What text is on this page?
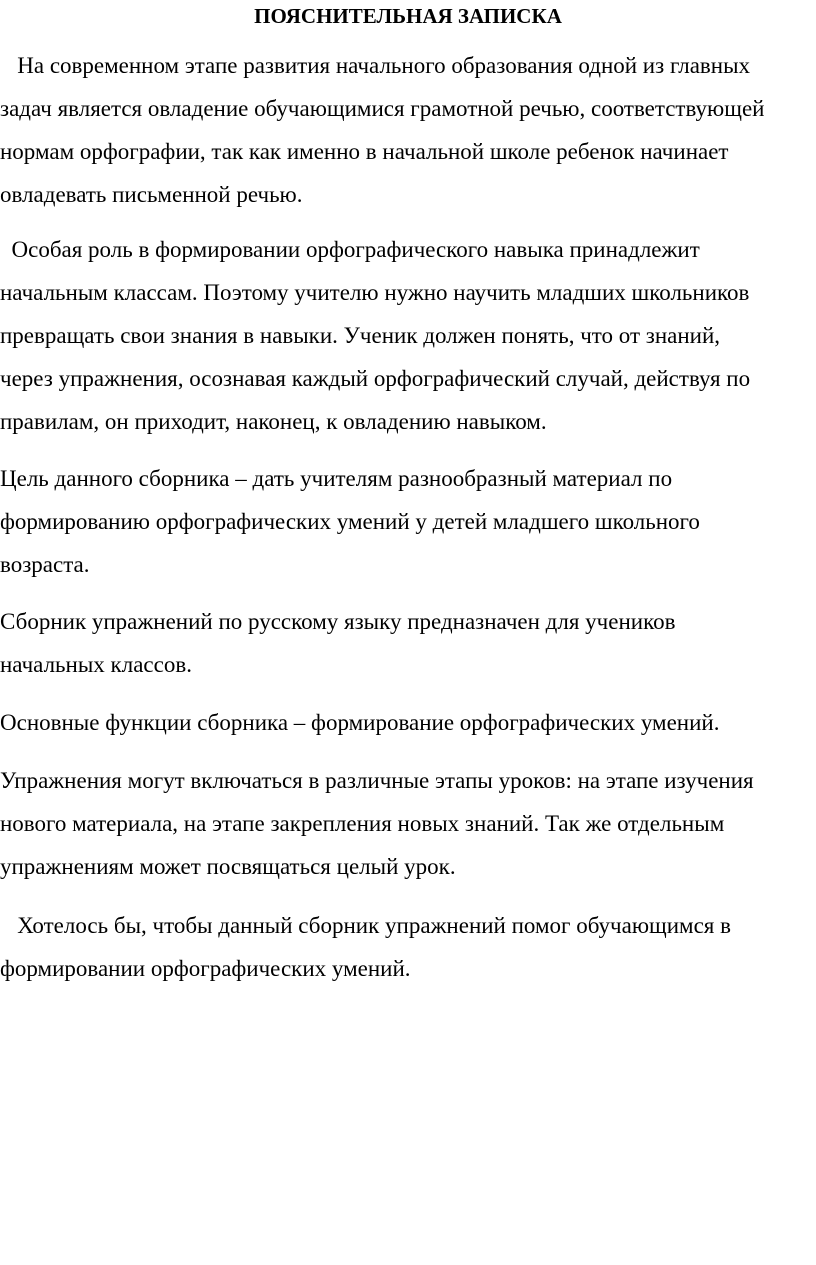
ПОЯСНИТЕЛЬНАЯ ЗАПИСКА
На современном этапе развития начального образования одной из главных
задач является овладение обучающимися грамотной речью, соответствующей
нормам орфографии, так как именно в начальной школе ребенок начинает
овладевать письменной речью.
Особая роль в формировании орфографического навыка принадлежит
начальным классам. Поэтому учителю нужно научить младших школьников
превращать свои знания в навыки. Ученик должен понять, что от знаний,
через упражнения, осознавая каждый орфографический случай, действуя по
правилам, он приходит, наконец, к овладению навыком.
Цель данного сборника – дать учителям разнообразный материал по
формированию орфографических умений у детей младшего школьного
возраста.
Сборник упражнений по русскому языку предназначен для учеников
начальных классов.
Основные функции сборника – формирование орфографических умений.
Упражнения могут включаться в различные этапы уроков: на этапе изучения
нового материала, на этапе закрепления новых знаний. Так же отдельным
упражнениям может посвящаться целый урок.
Хотелось бы, чтобы данный сборник упражнений помог обучающимся в
формировании орфографических умений.
